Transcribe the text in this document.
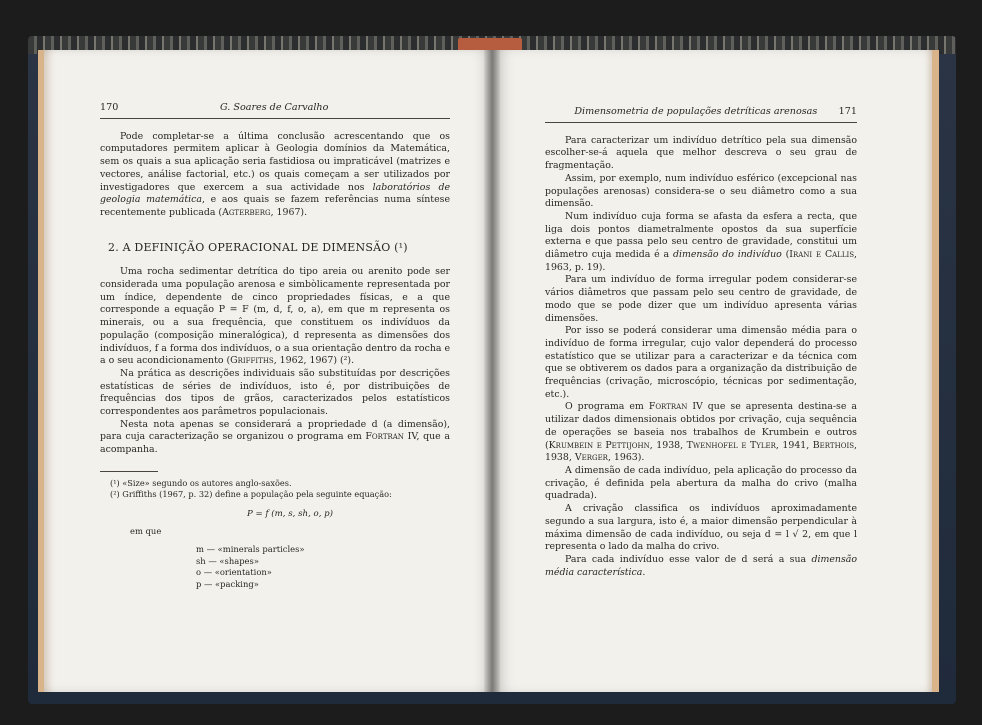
170	G. Soares de Carvalho

Pode completar-se a última conclusão acrescentando que os computadores permitem aplicar à Geologia domínios da Matemática, sem os quais a sua aplicação seria fastidiosa ou impraticável (matrizes e vectores, análise factorial, etc.) os quais começam a ser utilizados por investigadores que exercem a sua actividade nos laboratórios de geologia matemática, e aos quais se fazem referências numa síntese recentemente publicada (Agterberg, 1967).

2. A DEFINIÇÃO OPERACIONAL DE DIMENSÃO (¹)

Uma rocha sedimentar detrítica do tipo areia ou arenito pode ser considerada uma população arenosa e simbòlicamente representada por um índice, dependente de cinco propriedades físicas, e a que corresponde a equação P = F (m, d, f, o, a), em que m representa os minerais, ou a sua frequência, que constituem os indivíduos da população (composição mineralógica), d representa as dimensões dos indivíduos, f a forma dos indivíduos, o a sua orientação dentro da rocha e a o seu acondicionamento (Griffiths, 1962, 1967) (²).

Na prática as descrições individuais são substituídas por descrições estatísticas de séries de indivíduos, isto é, por distribuições de frequências dos tipos de grãos, caracterizados pelos estatísticos correspondentes aos parâmetros populacionais.

Nesta nota apenas se considerará a propriedade d (a dimensão), para cuja caracterização se organizou o programa em Fortran IV, que a acompanha.

(¹) «Size» segundo os autores anglo-saxões.

(²) Griffiths (1967, p. 32) define a população pela seguinte equação:

P = f (m, s, sh, o, p)
em que
m — «minerals particles»
sh — «shapes»
o — «orientation»
p — «packing»
Dimensometria de populações detríticas arenosas 171

Para caracterizar um indivíduo detrítico pela sua dimensão escolher-se-á aquela que melhor descreva o seu grau de fragmentação.

Assim, por exemplo, num indivíduo esférico (excepcional nas populações arenosas) considera-se o seu diâmetro como a sua dimensão.

Num indivíduo cuja forma se afasta da esfera a recta, que liga dois pontos diametralmente opostos da sua superfície externa e que passa pelo seu centro de gravidade, constitui um diâmetro cuja medida é a dimensão do indivíduo (Irani e Callis, 1963, p. 19).

Para um indivíduo de forma irregular podem considerar-se vários diâmetros que passam pelo seu centro de gravidade, de modo que se pode dizer que um indivíduo apresenta várias dimensões.

Por isso se poderá considerar uma dimensão média para o indivíduo de forma irregular, cujo valor dependerá do processo estatístico que se utilizar para a caracterizar e da técnica com que se obtiverem os dados para a organização da distribuição de frequências (crivação, microscópio, técnicas por sedimentação, etc.).

O programa em Fortran IV que se apresenta destina-se a utilizar dados dimensionais obtidos por crivação, cuja sequência de operações se baseia nos trabalhos de Krumbein e outros (Krumbein e Pettijohn, 1938, Twenhofel e Tyler, 1941, Berthois, 1938, Verger, 1963).

A dimensão de cada indivíduo, pela aplicação do processo da crivação, é definida pela abertura da malha do crivo (malha quadrada).

A crivação classifica os indivíduos aproximadamente segundo a sua largura, isto é, a maior dimensão perpendicular à máxima dimensão de cada indivíduo, ou seja d = l √ 2, em que l representa o lado da malha do crivo.

Para cada indivíduo esse valor de d será a sua dimensão média característica.
